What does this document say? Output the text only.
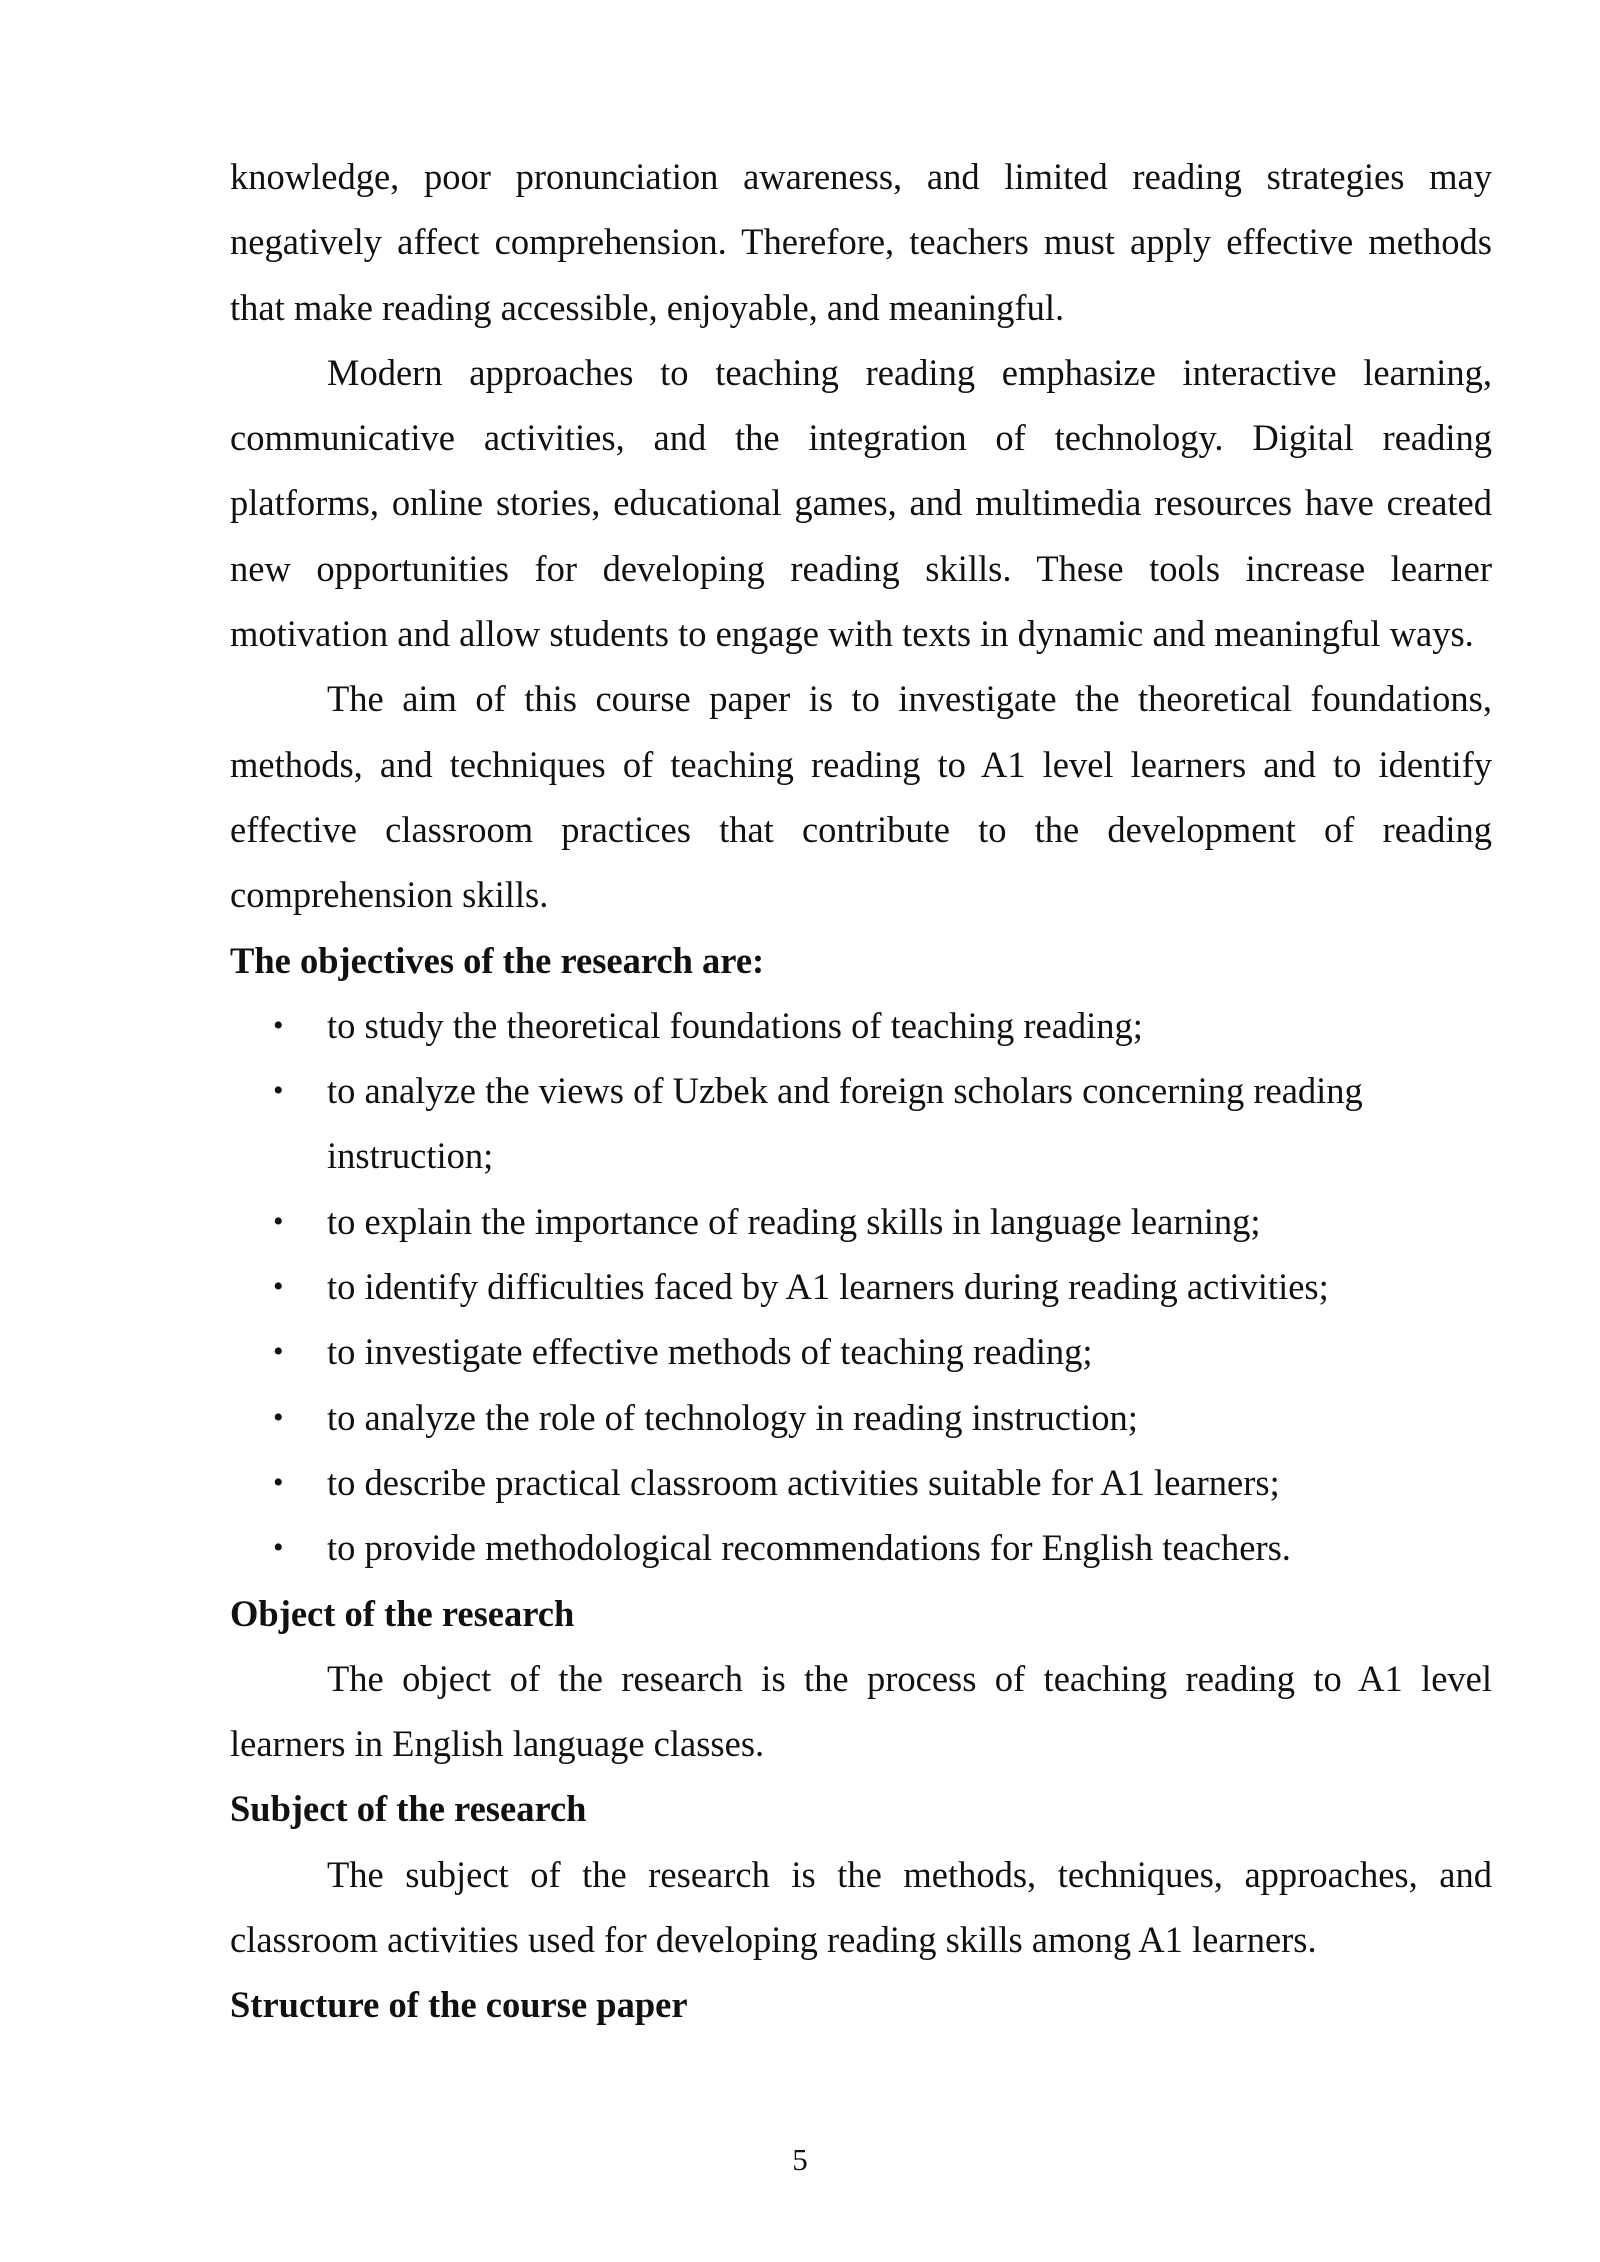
knowledge, poor pronunciation awareness, and limited reading strategies may negatively affect comprehension. Therefore, teachers must apply effective methods that make reading accessible, enjoyable, and meaningful.

Modern approaches to teaching reading emphasize interactive learning, communicative activities, and the integration of technology. Digital reading platforms, online stories, educational games, and multimedia resources have created new opportunities for developing reading skills. These tools increase learner motivation and allow students to engage with texts in dynamic and meaningful ways.

The aim of this course paper is to investigate the theoretical foundations, methods, and techniques of teaching reading to A1 level learners and to identify effective classroom practices that contribute to the development of reading comprehension skills.

The objectives of the research are:
• to study the theoretical foundations of teaching reading;
• to analyze the views of Uzbek and foreign scholars concerning reading instruction;
• to explain the importance of reading skills in language learning;
• to identify difficulties faced by A1 learners during reading activities;
• to investigate effective methods of teaching reading;
• to analyze the role of technology in reading instruction;
• to describe practical classroom activities suitable for A1 learners;
• to provide methodological recommendations for English teachers.
Object of the research

The object of the research is the process of teaching reading to A1 level learners in English language classes.

Subject of the research

The subject of the research is the methods, techniques, approaches, and classroom activities used for developing reading skills among A1 learners.

Structure of the course paper
5
